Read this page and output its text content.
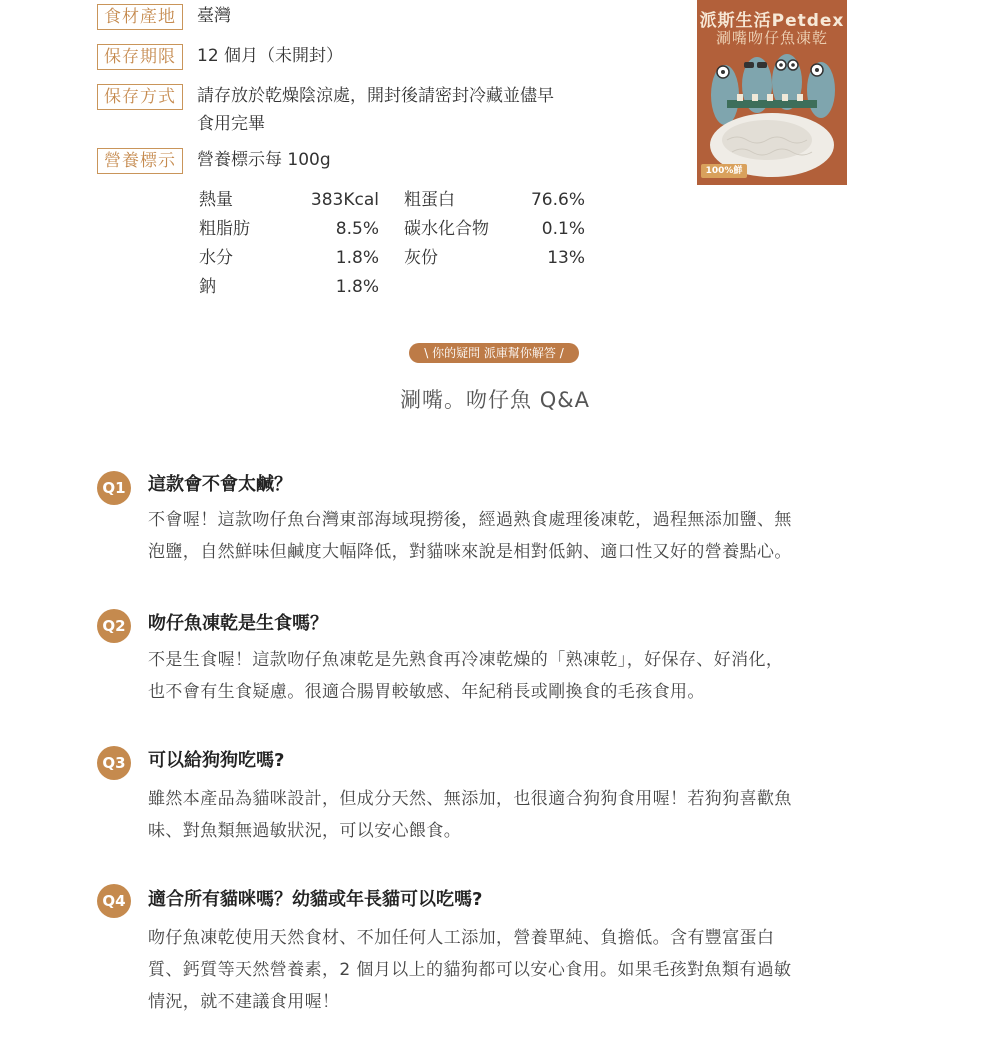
食材產地	臺灣
保存期限	12 個月（未開封）
保存方式	請存放於乾燥陰涼處，開封後請密封冷藏並儘早
食用完畢
營養標示	營養標示每 100g
熱量	383Kcal 粗蛋白	76.6%
粗脂肪	8.5% 碳水化合物	0.1%
水分	1.8% 灰份	13%
鈉	1.8%
派斯生活Petdex
涮嘴吻仔魚凍乾
100%鮮
\ 你的疑問 派庫幫你解答 /
涮嘴。吻仔魚 Q&A
Q1	這款會不會太鹹？
不會喔！這款吻仔魚台灣東部海域現撈後，經過熟食處理後凍乾，過程無添加鹽、無
泡鹽，自然鮮味但鹹度大幅降低，對貓咪來說是相對低鈉、適口性又好的營養點心。
Q2	吻仔魚凍乾是生食嗎？
不是生食喔！這款吻仔魚凍乾是先熟食再冷凍乾燥的「熟凍乾」，好保存、好消化，
也不會有生食疑慮。很適合腸胃較敏感、年紀稍長或剛換食的毛孩食用。
Q3	可以給狗狗吃嗎?
雖然本產品為貓咪設計，但成分天然、無添加，也很適合狗狗食用喔！若狗狗喜歡魚
味、對魚類無過敏狀況，可以安心餵食。
Q4	適合所有貓咪嗎？幼貓或年長貓可以吃嗎?
吻仔魚凍乾使用天然食材、不加任何人工添加，營養單純、負擔低。含有豐富蛋白
質、鈣質等天然營養素，2 個月以上的貓狗都可以安心食用。如果毛孩對魚類有過敏
情況，就不建議食用喔！
